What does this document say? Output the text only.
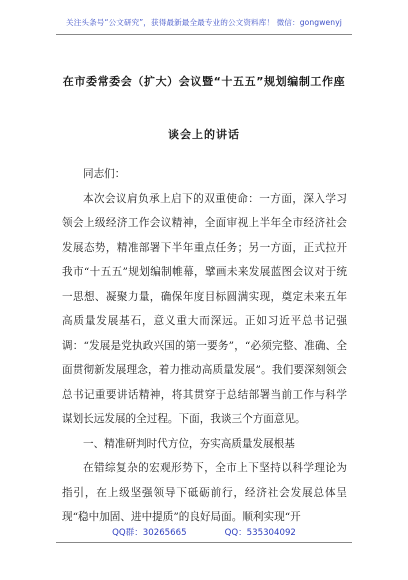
关注头条号“公文研究”，获得最新最全最专业的公文资料库！ 微信：gongwenyj
在市委常委会（扩大）会议暨“十五五”规划编制工作座
谈会上的讲话

同志们：

本次会议肩负承上启下的双重使命：一方面，深入学习领会上级经济工作会议精神，全面审视上半年全市经济社会发展态势，精准部署下半年重点任务；另一方面，正式拉开我市“十五五”规划编制帷幕，擘画未来发展蓝图会议对于统一思想、凝聚力量，确保年度目标圆满实现，奠定未来五年高质量发展基石，意义重大而深远。正如习近平总书记强调：“发展是党执政兴国的第一要务”，“必须完整、准确、全面贯彻新发展理念，着力推动高质量发展”。我们要深刻领会总书记重要讲话精神，将其贯穿于总结部署当前工作与科学谋划长远发展的全过程。下面，我谈三个方面意见。

一、精准研判时代方位，夯实高质量发展根基

在错综复杂的宏观形势下，全市上下坚持以科学理论为指引，在上级坚强领导下砥砺前行，经济社会发展总体呈现“稳中加固、进中提质”的良好局面。顺利实现“开

QQ群：30265665	QQ：535304092
